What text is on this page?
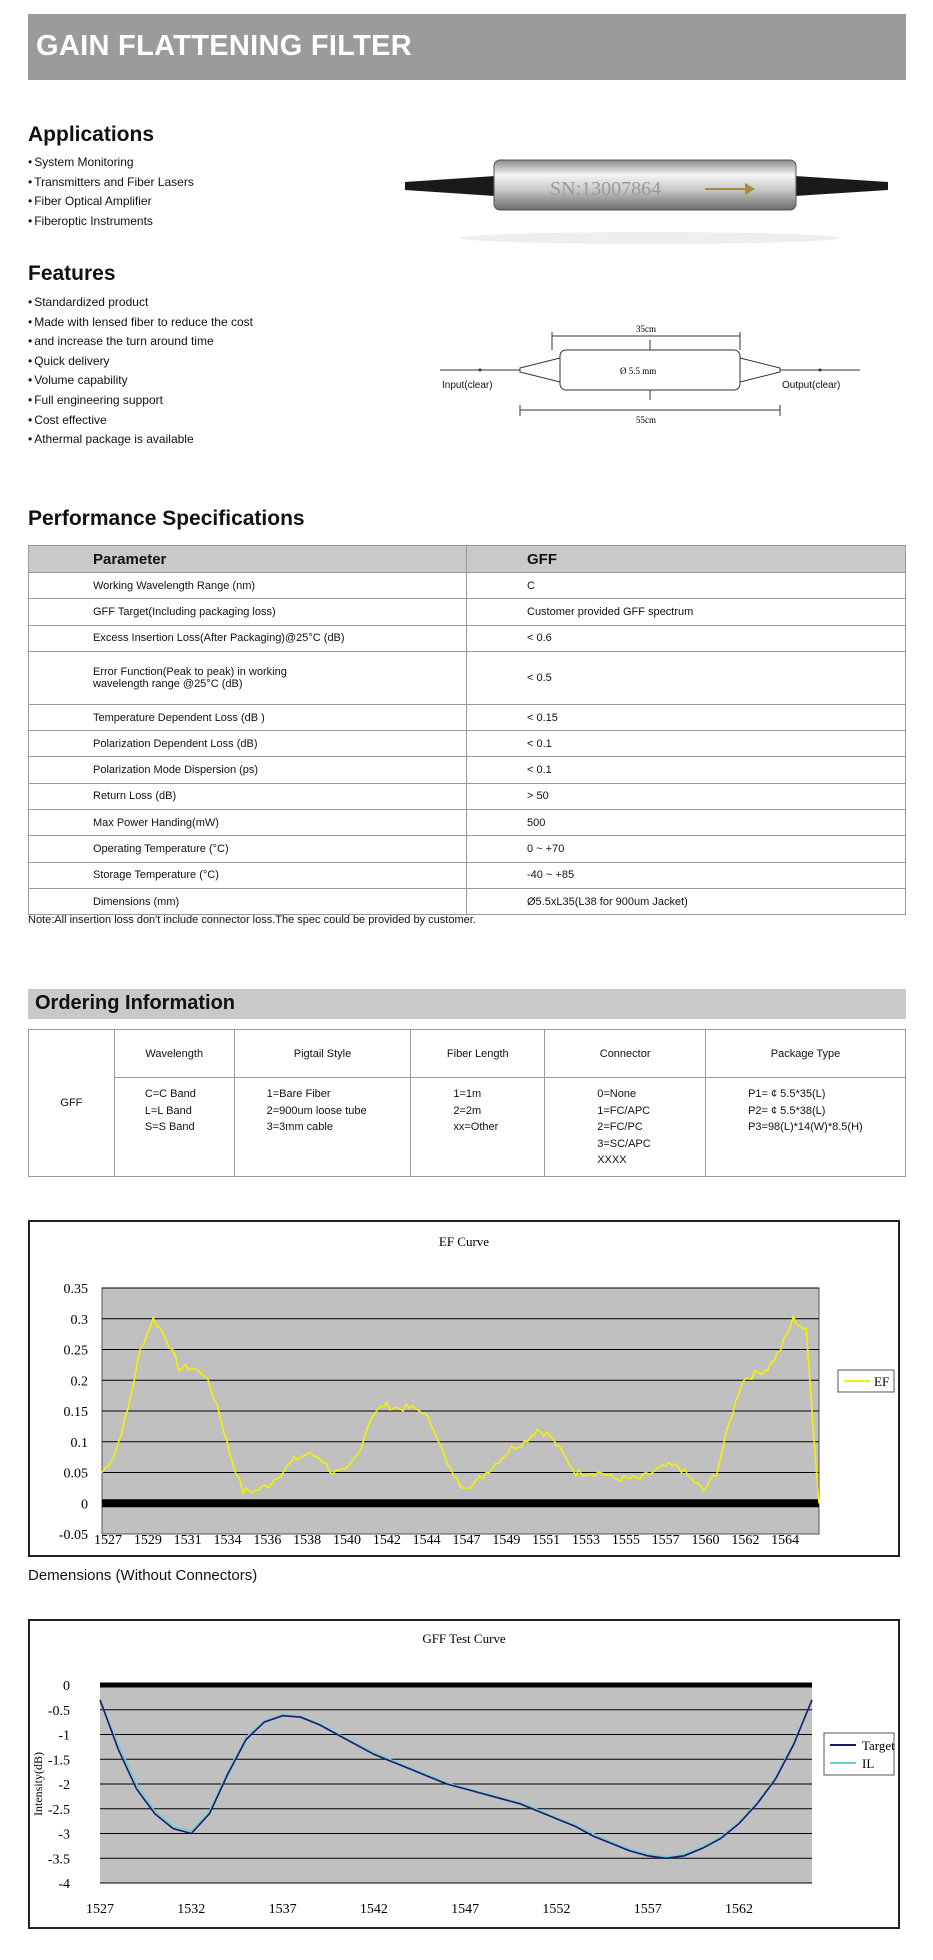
GAIN FLATTENING FILTER
Applications
• System Monitoring
• Transmitters and Fiber Lasers
• Fiber Optical Amplifier
• Fiberoptic Instruments
Features
• Standardized product
• Made with lensed fiber to reduce the cost
• and increase the turn around time
• Quick delivery
• Volume capability
• Full engineering support
• Cost effective
• Athermal package is available
SN:13007864
35cm
55cm
Ø 5.5 mm
Input(clear)	Output(clear)
Performance Specifications
Parameter	GFF
Working Wavelength Range (nm)	C
GFF Target(Including packaging loss)	Customer provided GFF spectrum
Excess Insertion Loss(After Packaging)@25°C (dB)	< 0.6
Error Function(Peak to peak) in working
wavelength range @25°C (dB)	< 0.5
Temperature Dependent Loss (dB )	< 0.15
Polarization Dependent Loss (dB)	< 0.1
Polarization Mode Dispersion (ps)	< 0.1
Return Loss (dB)	> 50
Max Power Handing(mW)	500
Operating Temperature (°C)	0 ~ +70
Storage Temperature (°C)	-40 ~ +85
Dimensions (mm)	Ø5.5xL35(L38 for 900um Jacket)
Note:All insertion loss don't include connector loss.The spec could be provided by customer.
Ordering Information
GFF	Wavelength	Pigtail Style	Fiber Length	Connector	Package Type
	C=C Band
L=L Band
S=S Band	1=Bare Fiber
2=900um loose tube
3=3mm cable	1=1m
2=2m
xx=Other	0=None
1=FC/APC
2=FC/PC
3=SC/APC
XXXX	P1= ¢ 5.5*35(L)
P2= ¢ 5.5*38(L)
P3=98(L)*14(W)*8.5(H)
EF Curve
0.35
0.3
0.25
0.2
0.15
0.1
0.05
0
-0.05 1527 1529 1531 1534 1536 1538 1540 1542 1544 1547 1549 1551 1553 1555 1557 1560 1562 1564
EF
Demensions (Without Connectors)
GFF Test Curve
0
-0.5
-1
-1.5
-2
-2.5
-3
-3.5
-4
1527	1532	1537	1542	1547	1552	1557	1562
Intensity(dB)
Target
IL
